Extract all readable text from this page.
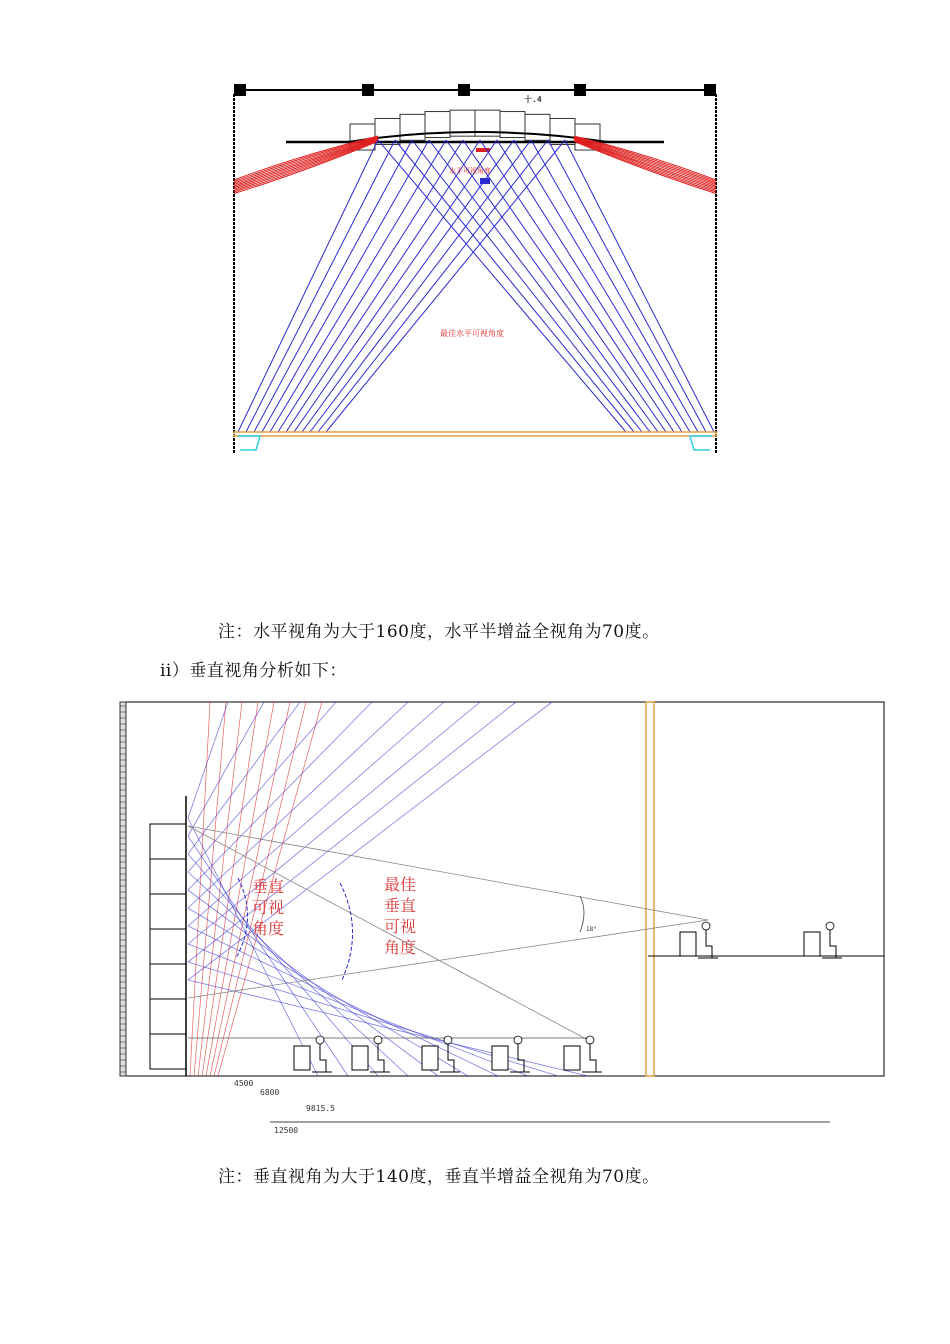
最佳水平可视角度
水平可视角度
十.4
注：水平视角为大于160度，水平半增益全视角为70度。
ii）垂直视角分析如下：
垂直
可视
角度
最佳
垂直
可视
角度
18°
4500
6800
9815.5
12500
注：垂直视角为大于140度，垂直半增益全视角为70度。
